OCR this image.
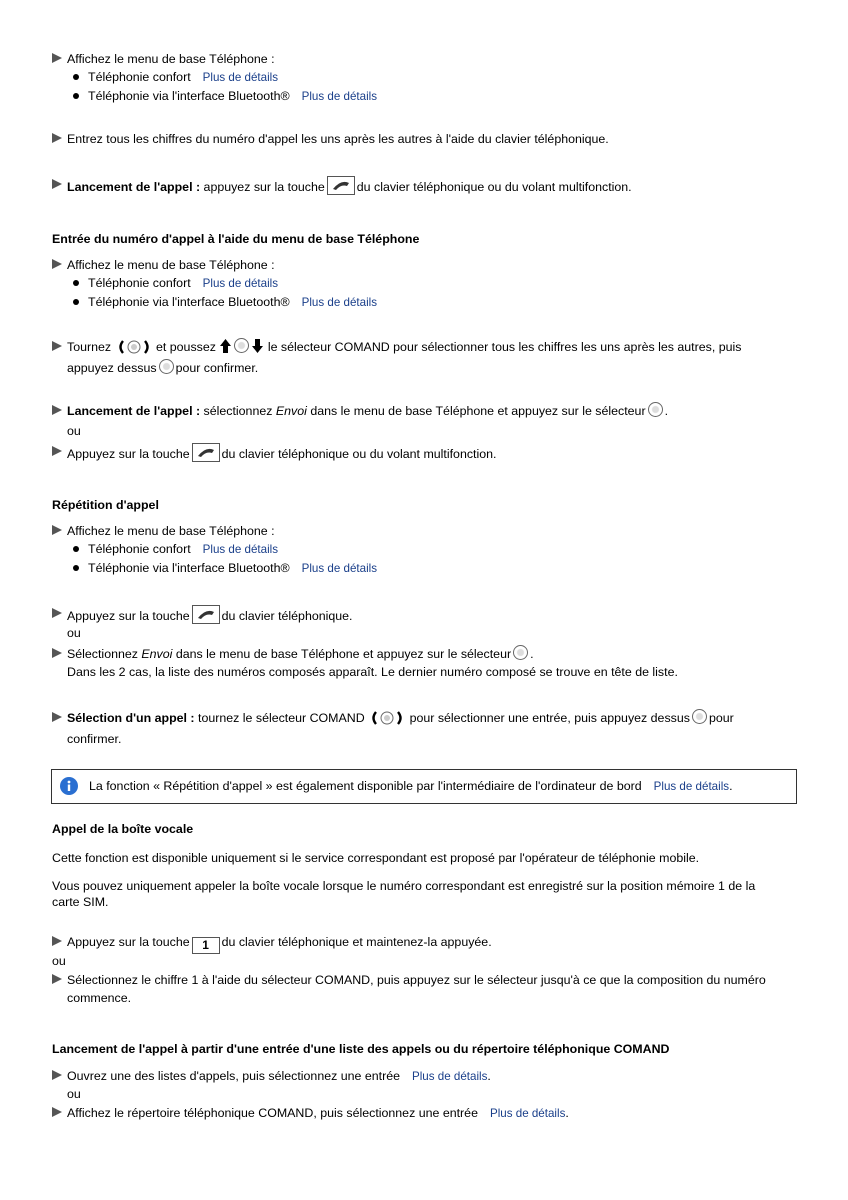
Affichez le menu de base Téléphone :
Téléphonie confort Plus de détails
Téléphonie via l'interface Bluetooth® Plus de détails
Entrez tous les chiffres du numéro d'appel les uns après les autres à l'aide du clavier téléphonique.
Lancement de l'appel : appuyez sur la touche	du clavier téléphonique ou du volant multifonction.
Entrée du numéro d'appel à l'aide du menu de base Téléphone
Affichez le menu de base Téléphone :
Téléphonie confort Plus de détails
Téléphonie via l'interface Bluetooth® Plus de détails
Tournez	et poussez	le sélecteur COMAND pour sélectionner tous les chiffres les uns après les autres, puis
appuyez dessus pour confirmer.
Lancement de l'appel : sélectionnez Envoi dans le menu de base Téléphone et appuyez sur le sélecteur .
ou
Appuyez sur la touche	du clavier téléphonique ou du volant multifonction.
Répétition d'appel
Affichez le menu de base Téléphone :
Téléphonie confort Plus de détails
Téléphonie via l'interface Bluetooth® Plus de détails
Appuyez sur la touche	du clavier téléphonique.
ou
Sélectionnez Envoi dans le menu de base Téléphone et appuyez sur le sélecteur .
Dans les 2 cas, la liste des numéros composés apparaît. Le dernier numéro composé se trouve en tête de liste.
Sélection d'un appel : tournez le sélecteur COMAND	pour sélectionner une entrée, puis appuyez dessus pour
confirmer.
La fonction « Répétition d'appel » est également disponible par l'intermédiaire de l'ordinateur de bord Plus de détails.
Appel de la boîte vocale
Cette fonction est disponible uniquement si le service correspondant est proposé par l'opérateur de téléphonie mobile.
Vous pouvez uniquement appeler la boîte vocale lorsque le numéro correspondant est enregistré sur la position mémoire 1 de la
carte SIM.
Appuyez sur la touche 1 du clavier téléphonique et maintenez-la appuyée.
ou
Sélectionnez le chiffre 1 à l'aide du sélecteur COMAND, puis appuyez sur le sélecteur jusqu'à ce que la composition du numéro
commence.
Lancement de l'appel à partir d'une entrée d'une liste des appels ou du répertoire téléphonique COMAND
Ouvrez une des listes d'appels, puis sélectionnez une entrée Plus de détails.
ou
Affichez le répertoire téléphonique COMAND, puis sélectionnez une entrée Plus de détails.
